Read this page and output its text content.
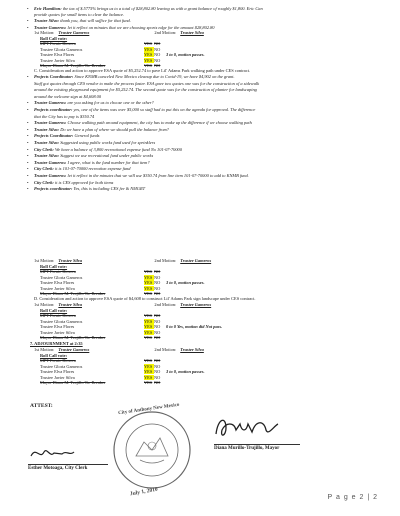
•	Eric Hamilton: the tax of $.5775% brings us to a total of $28,802.80 leaving us with a grant balance of roughly $1,800. Eric Can
provide quotes for small items to clear the balance.
•	Trustee Silva: thank you, that will suffice for that fund.
•	Trustee Gameros: let it reflect on minutes that we are choosing sports edge for the amount $28,802.80
1st Motion: Trustee Gameros	2nd Motion: Trustee Silva
Roll Call vote:
MPT Fernie Herrera	YES NO
Trustee Gloria Gameros	YES NO
Trustee Elva Flores	YES NO 3 to 0, motion passes.
Trustee Javier Silva	YES NO
Mayor Diana M. Trujillo Tie Breaker	YES NO
C. Consideration and action to approve ESA quote of $5,252.74 to pave Lil' Adams Park walking path under CES contract.
•	Projects Coordinator: Since KNMB canceled New Mexico cleanup due to Covid-19, we have $4,902 on the grant.
Staff got quotes through CES vendor to make the process faster. ESA gave two quotes one was for the construction of a sidewalk
around the existing playground equipment for $5,252.74. The second quote was for the construction of planter for landscaping
around the welcome sign at $4,608.00
•	Trustee Gameros: are you asking for us to choose one or the other?
•	Projects coordinator: yes, one of the items was over $5,000 so staff had to put this on the agenda for approval. The difference
that the City has to pay is $350.74
•	Trustee Gameros: Choose walking path around equipment, the city has to make up the difference if we choose walking path
•	Trustee Silva: Do we have a plan of where we should pull the balance from?
•	Projects Coordinator: General funds
•	Trustee Silva: Suggested using public works fund used for sprinklers
•	City Clerk: We have a balance of 3,800 recreational expense fund No 101-07-70000
•	Trustee Silva: Suggest we use recreational fund under public works
•	Trustee Gameros: I agree, what is the fund number for that item?
•	City Clerk: it is 101-07-70000 recreation expense fund
•	Trustee Gameros: let it reflect in the minutes that we will use $350.74 from line item 101-07-70000 to add to KNMB fund.
•	City Clerk: it is CES approved for both items
•	Projects coordinator: Yes, this is including CES fee & NMGRT
1st Motion: Trustee Silva	2nd Motion: Trustee Gameros
Roll Call vote:
MPT Fernie Herrera	YES NO
Trustee Gloria Gameros	YES NO
Trustee Elva Flores	YES NO 3 to 0, motion passes.
Trustee Javier Silva	YES NO
Mayor Diana M. Trujillo Tie Breaker	YES NO
D. Consideration and action to approve ESA quote of $4,608 to construct Lil' Adams Park sign landscape under CES contract.
1st Motion: Trustee Silva	2nd Motion: Trustee Gameros
Roll Call vote:
MPT Fernie Herrera	YES NO
Trustee Gloria Gameros	YES NO
Trustee Elva Flores	YES NO 0 to 0 Yes, motion did Not pass.
Trustee Javier Silva	YES NO
Mayor Diana M. Trujillo Tie Breaker	YES NO
7. ADJOURNMENT at 2:35
1st Motion: Trustee Gameros	2nd Motion: Trustee Silva
Roll Call vote:
MPT Fernie Herrera	YES NO
Trustee Gloria Gameros	YES NO
Trustee Elva Flores	YES NO 3 to 0, motion passes.
Trustee Javier Silva	YES NO
Mayor Diana M. Trujillo Tie Breaker	YES NO
ATTEST:
Esther Motoaga, City Clerk
Diana Murillo-Trujillo, Mayor
City of Anthony New Mexico
July 1, 2010
P a g e 2 | 2
